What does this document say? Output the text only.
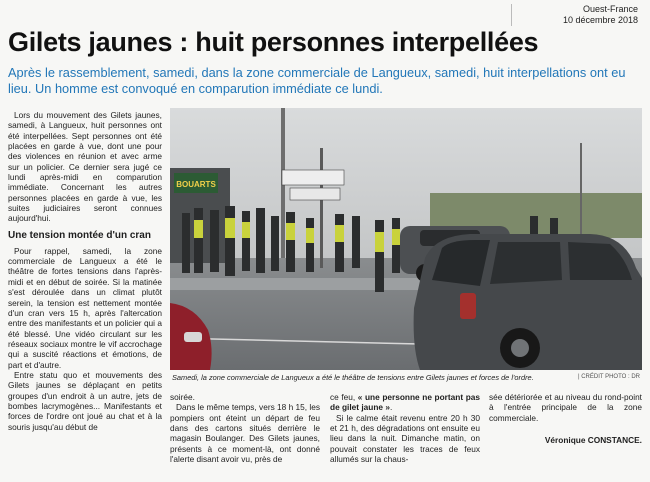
Ouest-France
10 décembre 2018
Gilets jaunes : huit personnes interpellées
Après le rassemblement, samedi, dans la zone commerciale de Langueux, samedi, huit interpellations ont eu lieu. Un homme est convoqué en comparution immédiate ce lundi.

Lors du mouvement des Gilets jaunes, samedi, à Langueux, huit personnes ont été interpellées. Sept personnes ont été placées en garde à vue, dont une pour des violences en réunion et avec arme sur un policier. Ce dernier sera jugé ce lundi après-midi en comparution immédiate. Concernant les autres personnes placées en garde à vue, les suites judiciaires seront connues aujourd'hui.

Une tension montée d'un cran

Pour rappel, samedi, la zone commerciale de Langueux a été le théâtre de fortes tensions dans l'après-midi et en début de soirée. Si la matinée s'est déroulée dans un climat plutôt serein, la tension est nettement montée d'un cran vers 15 h, après l'altercation entre des manifestants et un policier qui a été blessé. Une vidéo circulant sur les réseaux sociaux montre le vif accrochage qui a suscité réactions et émotions, de part et d'autre.

Entre statu quo et mouvements des Gilets jaunes se déplaçant en petits groupes d'un endroit à un autre, jets de bombes lacrymogènes... Manifestants et forces de l'ordre ont joué au chat et à la souris jusqu'au début de

BOUARTS
Samedi, la zone commerciale de Langueux a été le théâtre de tensions entre Gilets jaunes et forces de l'ordre.	| CRÉDIT PHOTO : DR

soirée.

Dans le même temps, vers 18 h 15, les pompiers ont éteint un départ de feu dans des cartons situés derrière le magasin Boulanger. Des Gilets jaunes, présents à ce moment-là, ont donné l'alerte disant avoir vu, près de

ce feu, « une personne ne portant pas de gilet jaune ».

Si le calme était revenu entre 20 h 30 et 21 h, des dégradations ont ensuite eu lieu dans la nuit. Dimanche matin, on pouvait constater les traces de feux allumés sur la chaus-

sée détériorée et au niveau du rond-point à l'entrée principale de la zone commerciale.

Véronique CONSTANCE.
